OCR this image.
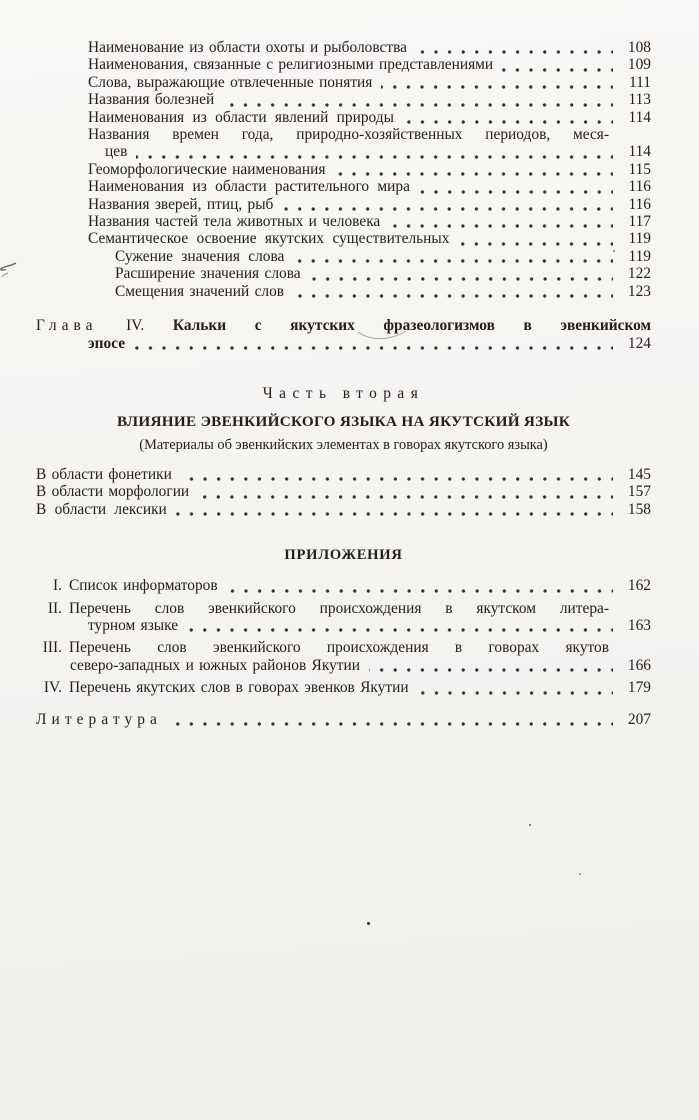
Наименование из области охоты и рыболовства	108
Наименования, связанные с религиозными представлениями	109
Слова, выражающие отвлеченные понятия	111
Названия болезней	113
Наименования из области явлений природы	114
Названия времен года, природно-хозяйственных периодов, меся-
цев	114
Геоморфологические наименования	115
Наименования из области растительного мира	116
Названия зверей, птиц, рыб	116
Названия частей тела животных и человека	117
Семантическое освоение якутских существительных	119
Сужение значения слова	119
Расширение значения слова	122
Смещения значений слов	123
Глава IV. Кальки с якутских фразеологизмов в эвенкийском
эпосе	124
Часть вторая
ВЛИЯНИЕ ЭВЕНКИЙСКОГО ЯЗЫКА НА ЯКУТСКИЙ ЯЗЫК
(Материалы об эвенкийских элементах в говорах якутского языка)
В области фонетики	145
В области морфологии	157
В области лексики	158
ПРИЛОЖЕНИЯ
I. Список информаторов	162
II. Перечень слов эвенкийского происхождения в якутском литера-
турном языке	163
III. Перечень слов эвенкийского происхождения в говорах якутов
северо-западных и южных районов Якутии	166
IV. Перечень якутских слов в говорах эвенков Якутии	179
Литература	207
